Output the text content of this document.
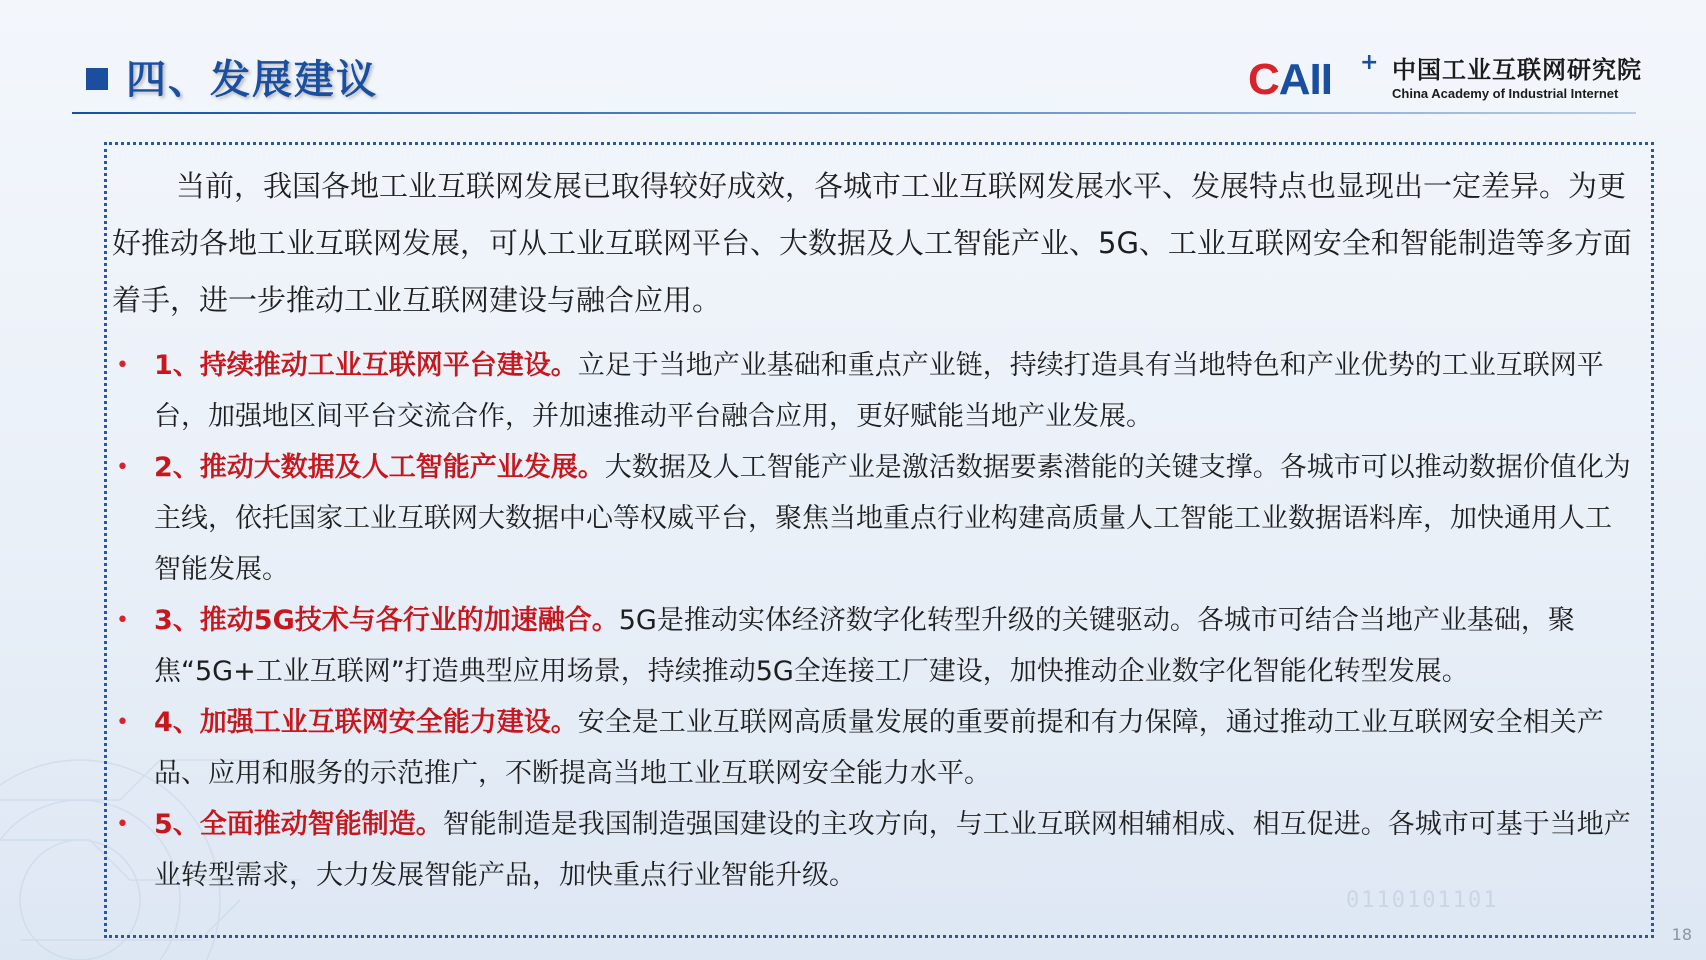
0110101101
四、发展建议	CAII + 中国工业互联网研究院
China Academy of Industrial Internet

当前，我国各地工业互联网发展已取得较好成效，各城市工业互联网发展水平、发展特点也显现出一定差异。为更好推动各地工业互联网发展，可从工业互联网平台、大数据及人工智能产业、5G、工业互联网安全和智能制造等多方面着手，进一步推动工业互联网建设与融合应用。

• 1、持续推动工业互联网平台建设。立足于当地产业基础和重点产业链，持续打造具有当地特色和产业优势的工业互联网平台，加强地区间平台交流合作，并加速推动平台融合应用，更好赋能当地产业发展。
• 2、推动大数据及人工智能产业发展。大数据及人工智能产业是激活数据要素潜能的关键支撑。各城市可以推动数据价值化为主线，依托国家工业互联网大数据中心等权威平台，聚焦当地重点行业构建高质量人工智能工业数据语料库，加快通用人工智能发展。
• 3、推动5G技术与各行业的加速融合。5G是推动实体经济数字化转型升级的关键驱动。各城市可结合当地产业基础，聚焦“5G+工业互联网”打造典型应用场景，持续推动5G全连接工厂建设，加快推动企业数字化智能化转型发展。
• 4、加强工业互联网安全能力建设。安全是工业互联网高质量发展的重要前提和有力保障，通过推动工业互联网安全相关产品、应用和服务的示范推广，不断提高当地工业互联网安全能力水平。
• 5、全面推动智能制造。智能制造是我国制造强国建设的主攻方向，与工业互联网相辅相成、相互促进。各城市可基于当地产业转型需求，大力发展智能产品，加快重点行业智能升级。
18
